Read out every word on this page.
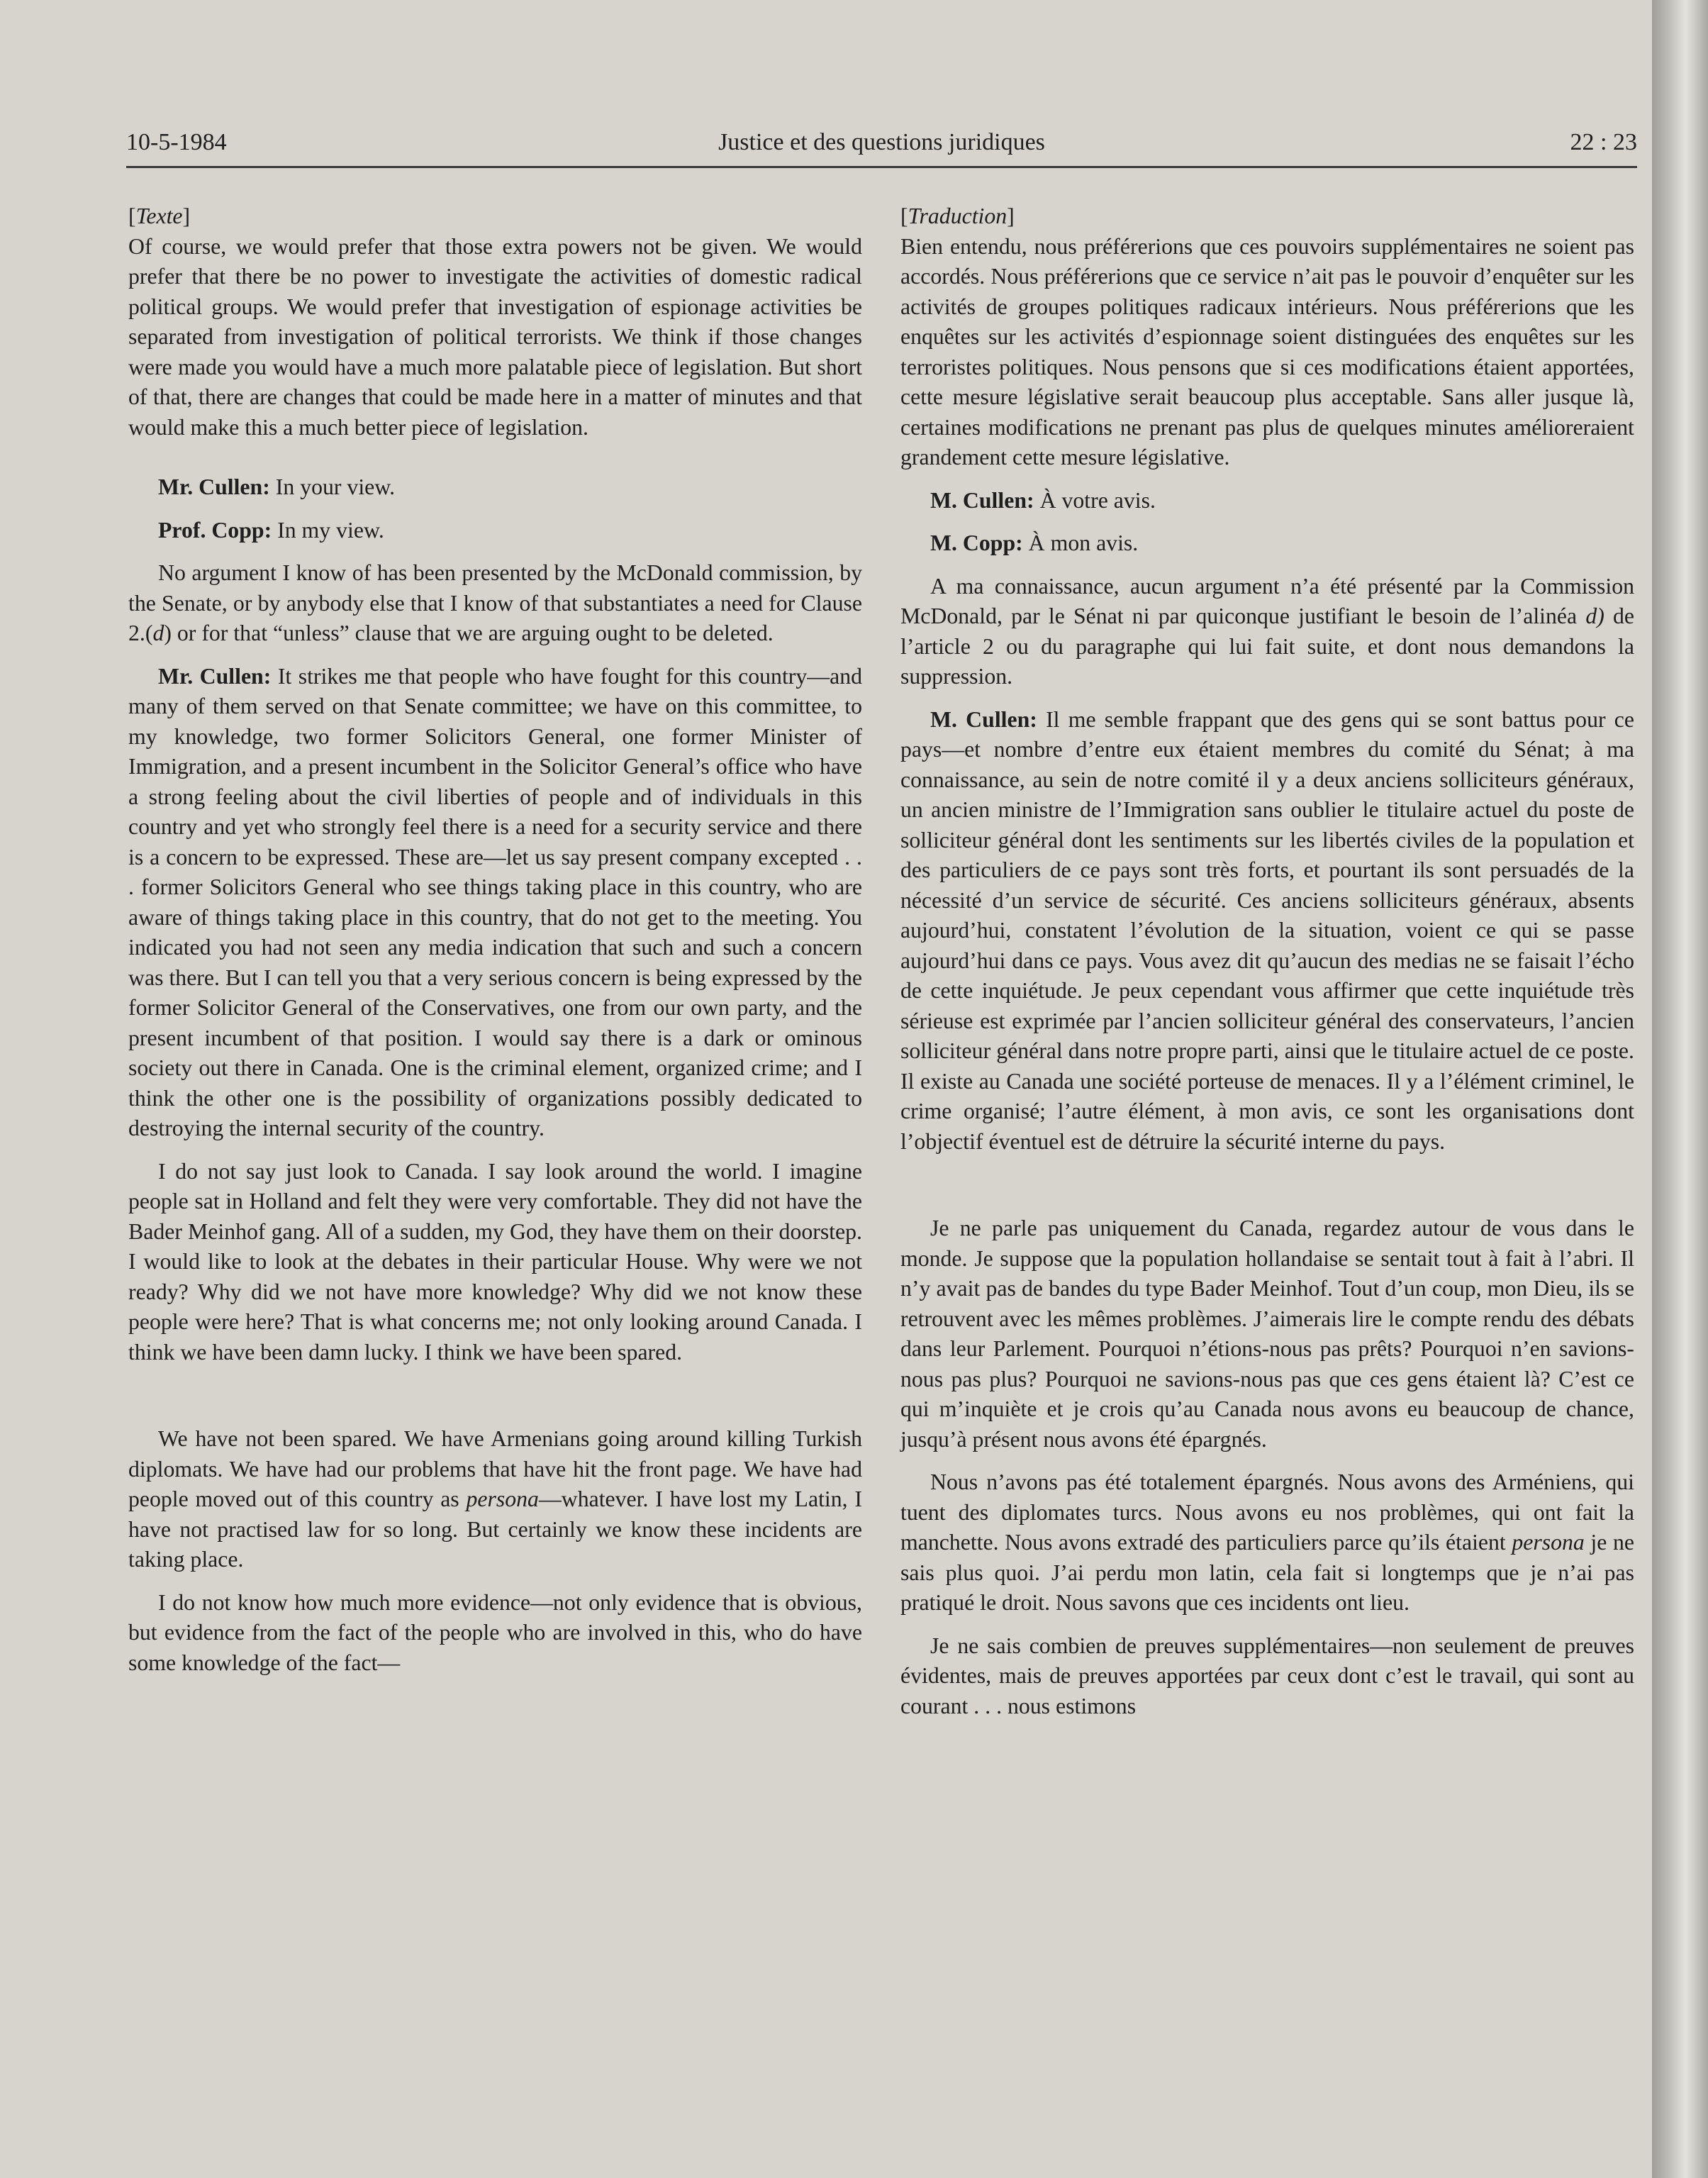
10-5-1984	Justice et des questions juridiques	22 : 23

[Texte]

Of course, we would prefer that those extra powers not be given. We would prefer that there be no power to investigate the activities of domestic radical political groups. We would prefer that investigation of espionage activities be separated from investigation of political terrorists. We think if those changes were made you would have a much more palatable piece of legislation. But short of that, there are changes that could be made here in a matter of minutes and that would make this a much better piece of legislation.

Mr. Cullen: In your view.

Prof. Copp: In my view.

No argument I know of has been presented by the McDonald commission, by the Senate, or by anybody else that I know of that substantiates a need for Clause 2.(d) or for that “unless” clause that we are arguing ought to be deleted.

Mr. Cullen: It strikes me that people who have fought for this country—and many of them served on that Senate committee; we have on this committee, to my knowledge, two former Solicitors General, one former Minister of Immigration, and a present incumbent in the Solicitor General’s office who have a strong feeling about the civil liberties of people and of individuals in this country and yet who strongly feel there is a need for a security service and there is a concern to be expressed. These are—let us say present company excepted . . . former Solicitors General who see things taking place in this country, who are aware of things taking place in this country, that do not get to the meeting. You indicated you had not seen any media indication that such and such a concern was there. But I can tell you that a very serious concern is being expressed by the former Solicitor General of the Conservatives, one from our own party, and the present incumbent of that position. I would say there is a dark or ominous society out there in Canada. One is the criminal element, organized crime; and I think the other one is the possibility of organizations possibly dedicated to destroying the internal security of the country.

I do not say just look to Canada. I say look around the world. I imagine people sat in Holland and felt they were very comfortable. They did not have the Bader Meinhof gang. All of a sudden, my God, they have them on their doorstep. I would like to look at the debates in their particular House. Why were we not ready? Why did we not have more knowledge? Why did we not know these people were here? That is what concerns me; not only looking around Canada. I think we have been damn lucky. I think we have been spared.

We have not been spared. We have Armenians going around killing Turkish diplomats. We have had our problems that have hit the front page. We have had people moved out of this country as persona—whatever. I have lost my Latin, I have not practised law for so long. But certainly we know these incidents are taking place.

I do not know how much more evidence—not only evidence that is obvious, but evidence from the fact of the people who are involved in this, who do have some knowledge of the fact—

[Traduction]

Bien entendu, nous préférerions que ces pouvoirs supplémentaires ne soient pas accordés. Nous préférerions que ce service n’ait pas le pouvoir d’enquêter sur les activités de groupes politiques radicaux intérieurs. Nous préférerions que les enquêtes sur les activités d’espionnage soient distinguées des enquêtes sur les terroristes politiques. Nous pensons que si ces modifications étaient apportées, cette mesure législative serait beaucoup plus acceptable. Sans aller jusque là, certaines modifications ne prenant pas plus de quelques minutes amélioreraient grandement cette mesure législative.

M. Cullen: À votre avis.

M. Copp: À mon avis.

A ma connaissance, aucun argument n’a été présenté par la Commission McDonald, par le Sénat ni par quiconque justifiant le besoin de l’alinéa d) de l’article 2 ou du paragraphe qui lui fait suite, et dont nous demandons la suppression.

M. Cullen: Il me semble frappant que des gens qui se sont battus pour ce pays—et nombre d’entre eux étaient membres du comité du Sénat; à ma connaissance, au sein de notre comité il y a deux anciens solliciteurs généraux, un ancien ministre de l’Immigration sans oublier le titulaire actuel du poste de solliciteur général dont les sentiments sur les libertés civiles de la population et des particuliers de ce pays sont très forts, et pourtant ils sont persuadés de la nécessité d’un service de sécurité. Ces anciens solliciteurs généraux, absents aujourd’hui, constatent l’évolution de la situation, voient ce qui se passe aujourd’hui dans ce pays. Vous avez dit qu’aucun des medias ne se faisait l’écho de cette inquiétude. Je peux cependant vous affirmer que cette inquiétude très sérieuse est exprimée par l’ancien solliciteur général des conservateurs, l’ancien solliciteur général dans notre propre parti, ainsi que le titulaire actuel de ce poste. Il existe au Canada une société porteuse de menaces. Il y a l’élément criminel, le crime organisé; l’autre élément, à mon avis, ce sont les organisations dont l’objectif éventuel est de détruire la sécurité interne du pays.

Je ne parle pas uniquement du Canada, regardez autour de vous dans le monde. Je suppose que la population hollandaise se sentait tout à fait à l’abri. Il n’y avait pas de bandes du type Bader Meinhof. Tout d’un coup, mon Dieu, ils se retrouvent avec les mêmes problèmes. J’aimerais lire le compte rendu des débats dans leur Parlement. Pourquoi n’étions-nous pas prêts? Pourquoi n’en savions-nous pas plus? Pourquoi ne savions-nous pas que ces gens étaient là? C’est ce qui m’inquiète et je crois qu’au Canada nous avons eu beaucoup de chance, jusqu’à présent nous avons été épargnés.

Nous n’avons pas été totalement épargnés. Nous avons des Arméniens, qui tuent des diplomates turcs. Nous avons eu nos problèmes, qui ont fait la manchette. Nous avons extradé des particuliers parce qu’ils étaient persona je ne sais plus quoi. J’ai perdu mon latin, cela fait si longtemps que je n’ai pas pratiqué le droit. Nous savons que ces incidents ont lieu.

Je ne sais combien de preuves supplémentaires—non seulement de preuves évidentes, mais de preuves apportées par ceux dont c’est le travail, qui sont au courant . . . nous estimons
